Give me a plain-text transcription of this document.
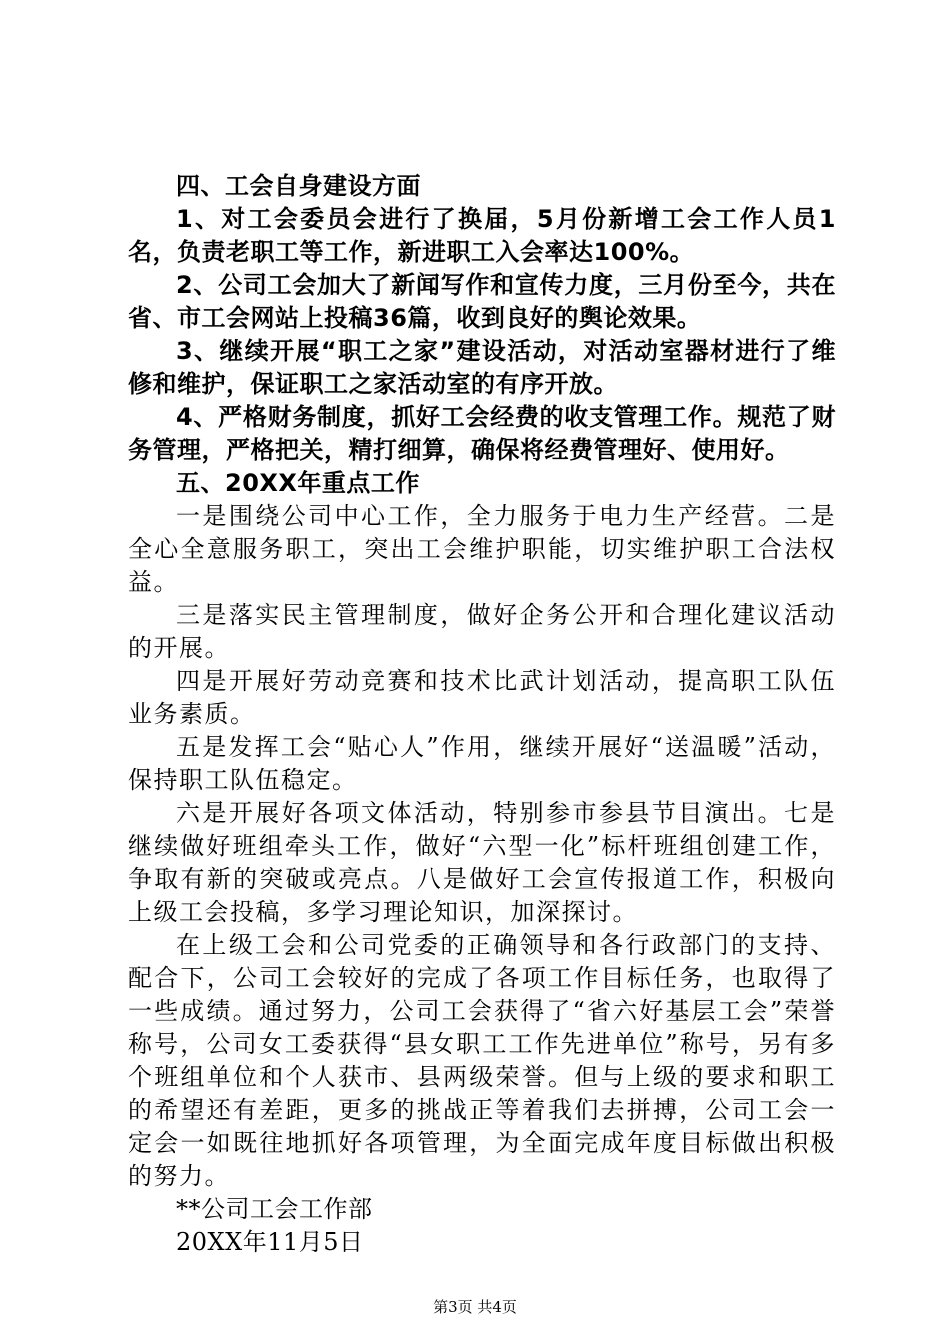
四、工会自身建设方面

1、对工会委员会进行了换届，5月份新增工会工作人员1名，负责老职工等工作，新进职工入会率达100%。

2、公司工会加大了新闻写作和宣传力度，三月份至今，共在省、市工会网站上投稿36篇，收到良好的舆论效果。

3、继续开展“职工之家”建设活动，对活动室器材进行了维修和维护，保证职工之家活动室的有序开放。

4、严格财务制度，抓好工会经费的收支管理工作。规范了财务管理，严格把关，精打细算，确保将经费管理好、使用好。

五、20XX年重点工作

一是围绕公司中心工作，全力服务于电力生产经营。二是全心全意服务职工，突出工会维护职能，切实维护职工合法权益。

三是落实民主管理制度，做好企务公开和合理化建议活动的开展。

四是开展好劳动竞赛和技术比武计划活动，提高职工队伍业务素质。

五是发挥工会“贴心人”作用，继续开展好“送温暖”活动，保持职工队伍稳定。

六是开展好各项文体活动，特别参市参县节目演出。七是继续做好班组牵头工作，做好“六型一化”标杆班组创建工作，争取有新的突破或亮点。八是做好工会宣传报道工作，积极向上级工会投稿，多学习理论知识，加深探讨。

在上级工会和公司党委的正确领导和各行政部门的支持、配合下，公司工会较好的完成了各项工作目标任务，也取得了一些成绩。通过努力，公司工会获得了“省六好基层工会”荣誉称号，公司女工委获得“县女职工工作先进单位”称号，另有多个班组单位和个人获市、县两级荣誉。但与上级的要求和职工的希望还有差距，更多的挑战正等着我们去拼搏，公司工会一定会一如既往地抓好各项管理，为全面完成年度目标做出积极的努力。

**公司工会工作部

20XX年11月5日

第3页 共4页
